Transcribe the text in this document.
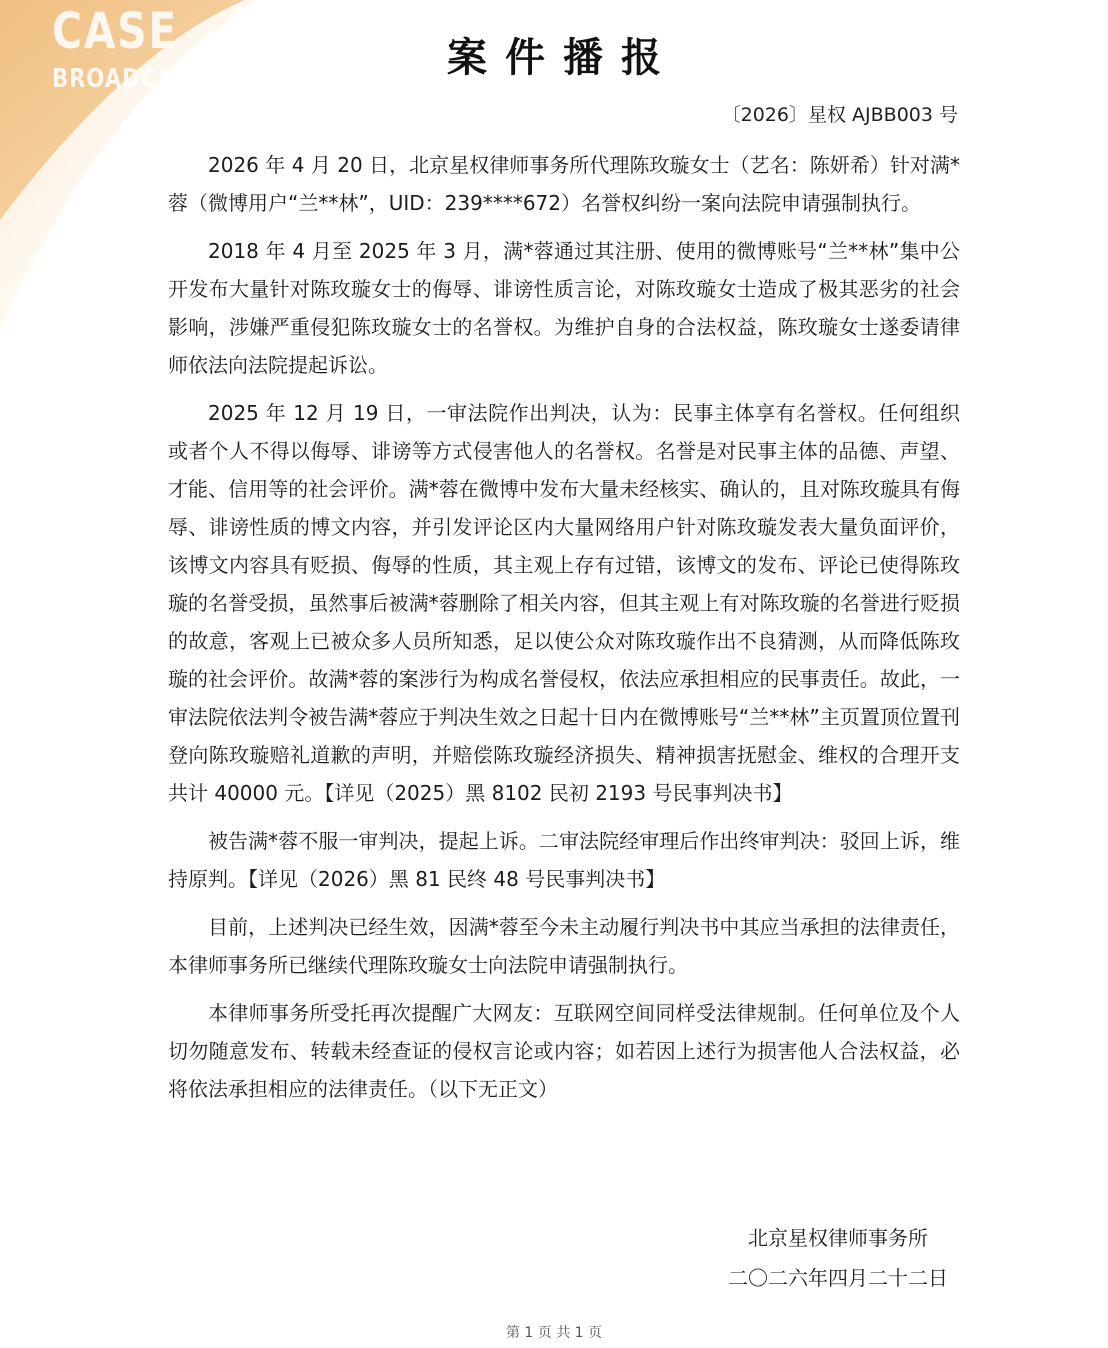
CASE
BROADCAST	案件播报
〔2026〕星权 AJBB003 号

2026 年 4 月 20 日，北京星权律师事务所代理陈玫璇女士（艺名：陈妍希）针对满*蓉（微博用户“兰**林”，UID：239****672）名誉权纠纷一案向法院申请强制执行。

2018 年 4 月至 2025 年 3 月，满*蓉通过其注册、使用的微博账号“兰**林”集中公开发布大量针对陈玫璇女士的侮辱、诽谤性质言论，对陈玫璇女士造成了极其恶劣的社会影响，涉嫌严重侵犯陈玫璇女士的名誉权。为维护自身的合法权益，陈玫璇女士遂委请律师依法向法院提起诉讼。

2025 年 12 月 19 日，一审法院作出判决，认为：民事主体享有名誉权。任何组织或者个人不得以侮辱、诽谤等方式侵害他人的名誉权。名誉是对民事主体的品德、声望、才能、信用等的社会评价。满*蓉在微博中发布大量未经核实、确认的，且对陈玫璇具有侮辱、诽谤性质的博文内容，并引发评论区内大量网络用户针对陈玫璇发表大量负面评价，该博文内容具有贬损、侮辱的性质，其主观上存有过错，该博文的发布、评论已使得陈玫璇的名誉受损，虽然事后被满*蓉删除了相关内容，但其主观上有对陈玫璇的名誉进行贬损的故意，客观上已被众多人员所知悉，足以使公众对陈玫璇作出不良猜测，从而降低陈玫璇的社会评价。故满*蓉的案涉行为构成名誉侵权，依法应承担相应的民事责任。故此，一审法院依法判令被告满*蓉应于判决生效之日起十日内在微博账号“兰**林”主页置顶位置刊登向陈玫璇赔礼道歉的声明，并赔偿陈玫璇经济损失、精神损害抚慰金、维权的合理开支共计 40000 元。【详见（2025）黑 8102 民初 2193 号民事判决书】

被告满*蓉不服一审判决，提起上诉。二审法院经审理后作出终审判决：驳回上诉，维持原判。【详见（2026）黑 81 民终 48 号民事判决书】

目前，上述判决已经生效，因满*蓉至今未主动履行判决书中其应当承担的法律责任，本律师事务所已继续代理陈玫璇女士向法院申请强制执行。

本律师事务所受托再次提醒广大网友：互联网空间同样受法律规制。任何单位及个人切勿随意发布、转载未经查证的侵权言论或内容；如若因上述行为损害他人合法权益，必将依法承担相应的法律责任。（以下无正文）

北京星权律师事务所
二〇二六年四月二十二日
第 1 页 共 1 页
